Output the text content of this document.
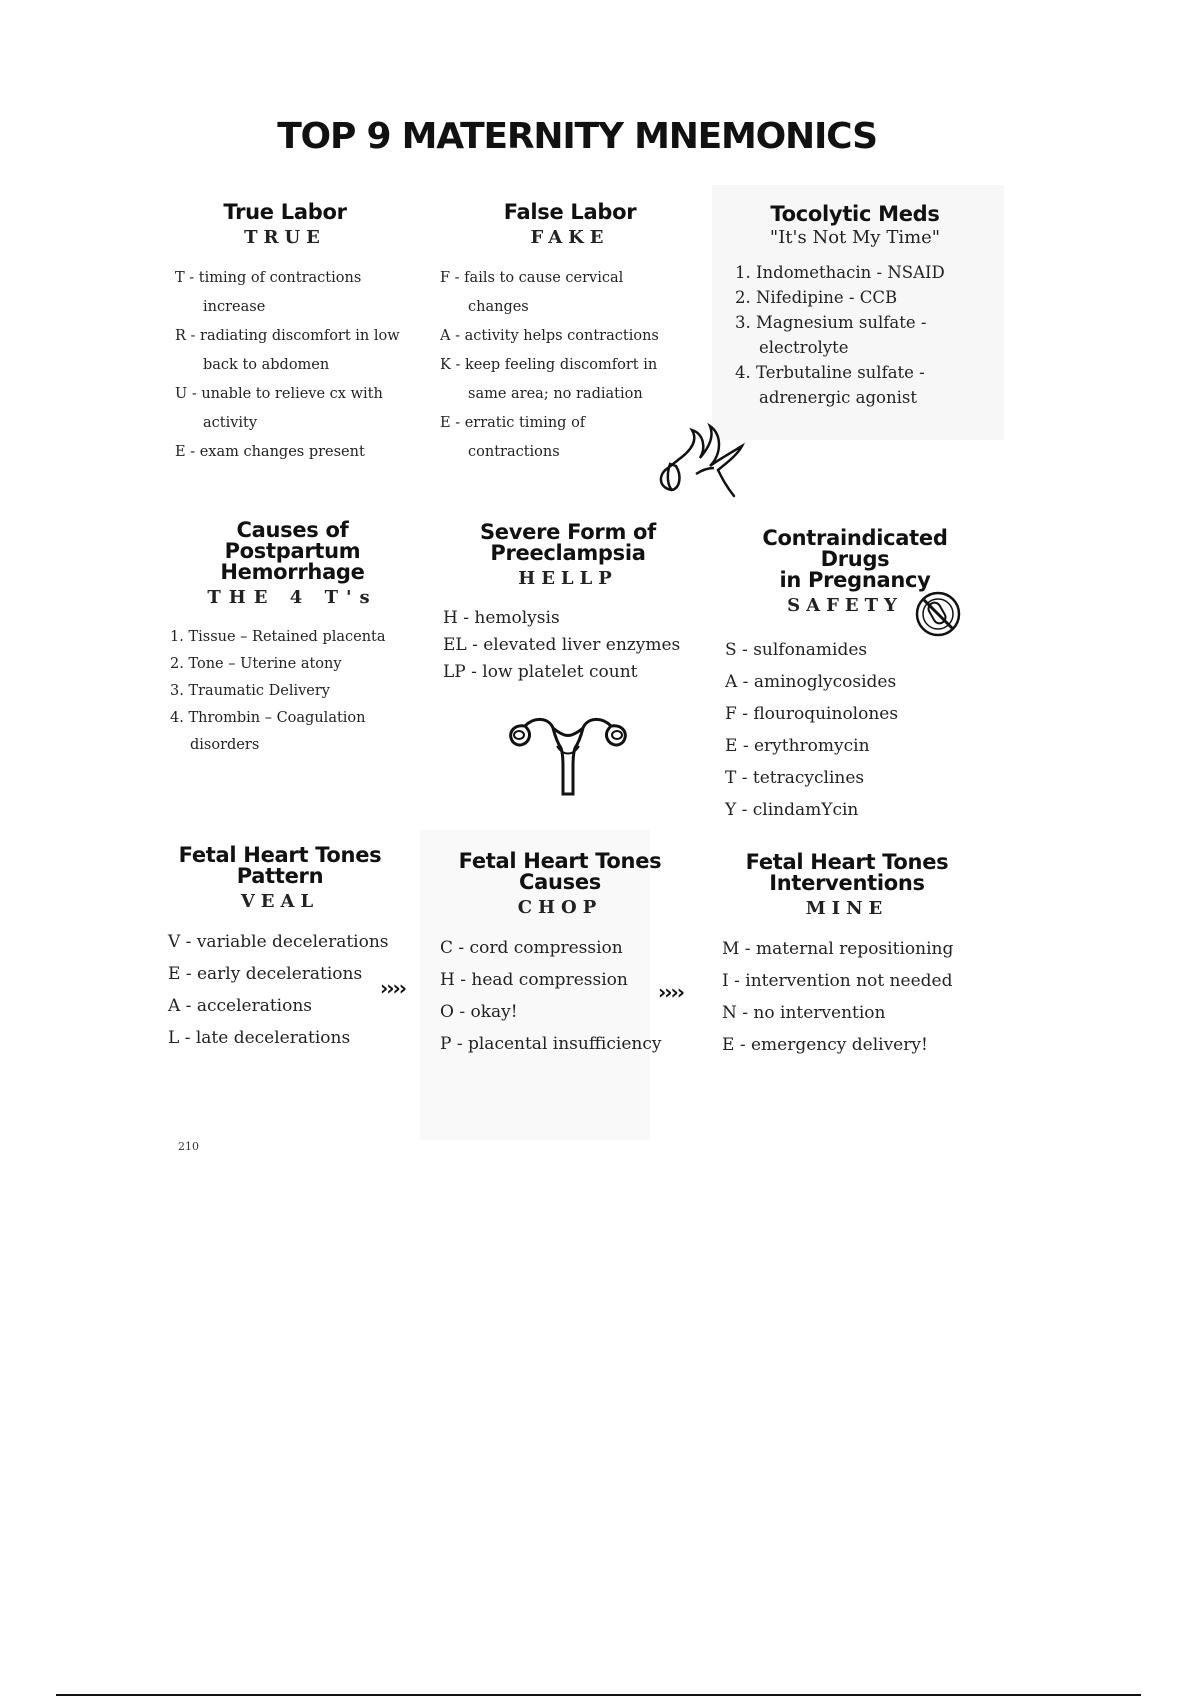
TOP 9 MATERNITY MNEMONICS
True Labor
TRUE
T - timing of contractions
increase
R - radiating discomfort in low
back to abdomen
U - unable to relieve cx with
activity
E - exam changes present
False Labor
FAKE
F - fails to cause cervical
changes
A - activity helps contractions
K - keep feeling discomfort in
same area; no radiation
E - erratic timing of
contractions
Tocolytic Meds
"It's Not My Time"
1. Indomethacin - NSAID
2. Nifedipine - CCB
3. Magnesium sulfate -
electrolyte
4. Terbutaline sulfate -
adrenergic agonist
Causes of Postpartum
Hemorrhage
THE 4 T's
1. Tissue – Retained placenta
2. Tone – Uterine atony
3. Traumatic Delivery
4. Thrombin – Coagulation
disorders
Severe Form of
Preeclampsia
HELLP
H - hemolysis
EL - elevated liver enzymes
LP - low platelet count
Contraindicated Drugs
in Pregnancy
SAFETY
S - sulfonamides
A - aminoglycosides
F - flouroquinolones
E - erythromycin
T - tetracyclines
Y - clindamYcin
Fetal Heart Tones
Pattern
VEAL
V - variable decelerations
E - early decelerations
A - accelerations
L - late decelerations
››››
Fetal Heart Tones
Causes
CHOP
C - cord compression
H - head compression
O - okay!
P - placental insufficiency
››››
Fetal Heart Tones
Interventions
MINE
M - maternal repositioning
I - intervention not needed
N - no intervention
E - emergency delivery!
210
